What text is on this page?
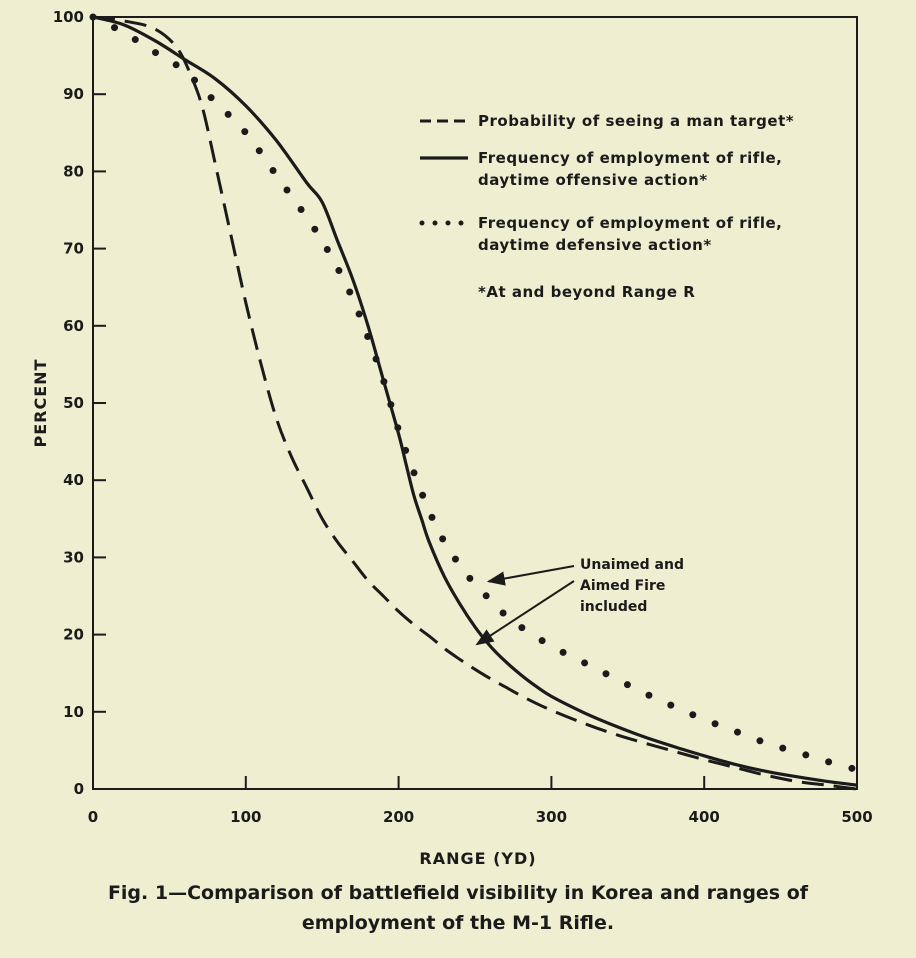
0
10
20
30
40
50
60
70
80
90
100
0	100	200	300	400	500
Probability of seeing a man target*
Frequency of employment of rifle,
daytime offensive action*
Frequency of employment of rifle,
daytime defensive action*
*At and beyond Range R
Unaimed and
Aimed Fire
included
RANGE (YD)
PERCENT
Fig. 1—Comparison of battlefield visibility in Korea and ranges of
employment of the M-1 Rifle.
